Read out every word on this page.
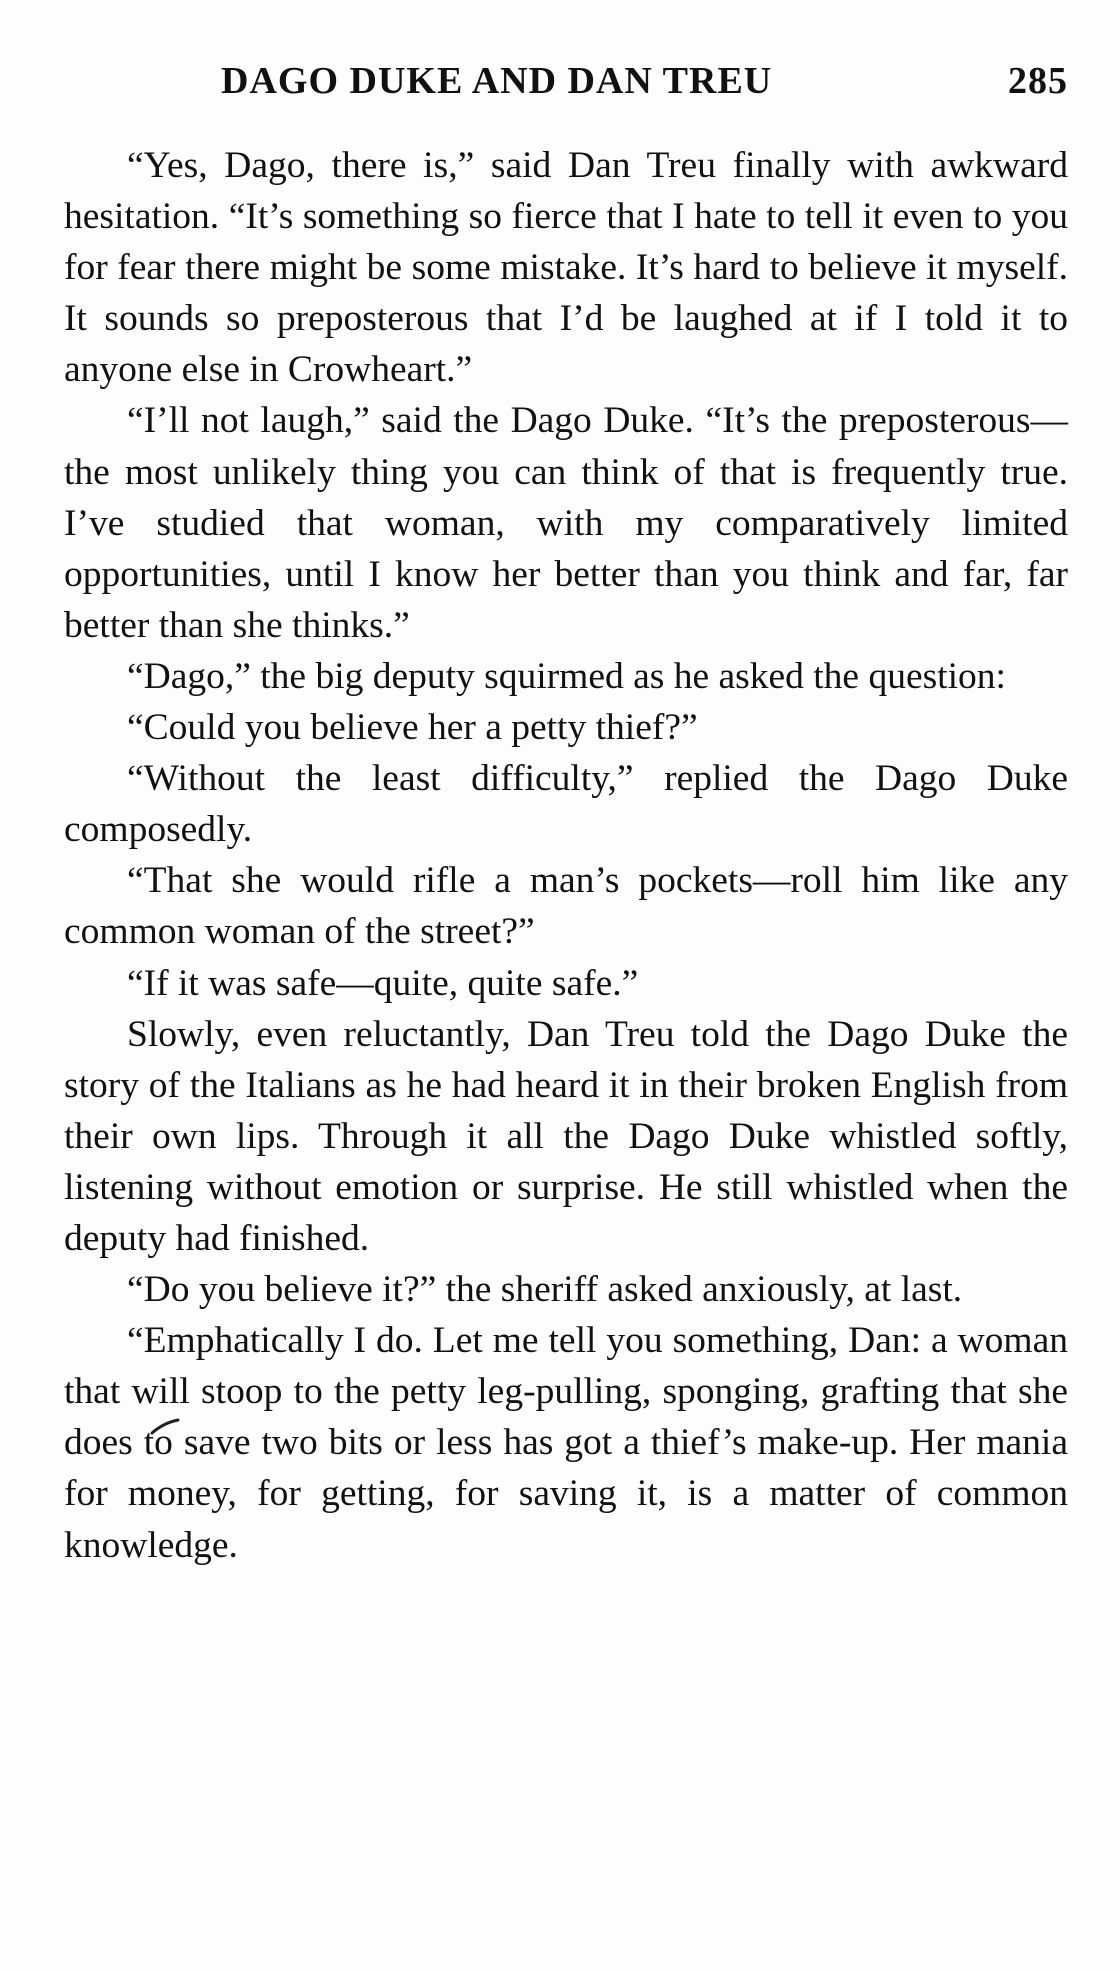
DAGO DUKE AND DAN TREU	285

“Yes, Dago, there is,” said Dan Treu finally with awkward hesitation. “It’s something so fierce that I hate to tell it even to you for fear there might be some mistake. It’s hard to believe it myself. It sounds so preposterous that I’d be laughed at if I told it to anyone else in Crowheart.”

“I’ll not laugh,” said the Dago Duke. “It’s the preposterous—the most unlikely thing you can think of that is frequently true. I’ve studied that woman, with my comparatively limited opportunities, until I know her better than you think and far, far better than she thinks.”

“Dago,” the big deputy squirmed as he asked the question:

“Could you believe her a petty thief?”

“Without the least difficulty,” replied the Dago Duke composedly.

“That she would rifle a man’s pockets—roll him like any common woman of the street?”

“If it was safe—quite, quite safe.”

Slowly, even reluctantly, Dan Treu told the Dago Duke the story of the Italians as he had heard it in their broken English from their own lips. Through it all the Dago Duke whistled softly, listening without emotion or surprise. He still whistled when the deputy had finished.

“Do you believe it?” the sheriff asked anxiously, at last.

“Emphatically I do. Let me tell you something, Dan: a woman that will stoop to the petty leg-pulling, sponging, grafting that she does to save two bits or less has got a thief’s make-up. Her mania for money, for getting, for saving it, is a matter of common knowledge.
